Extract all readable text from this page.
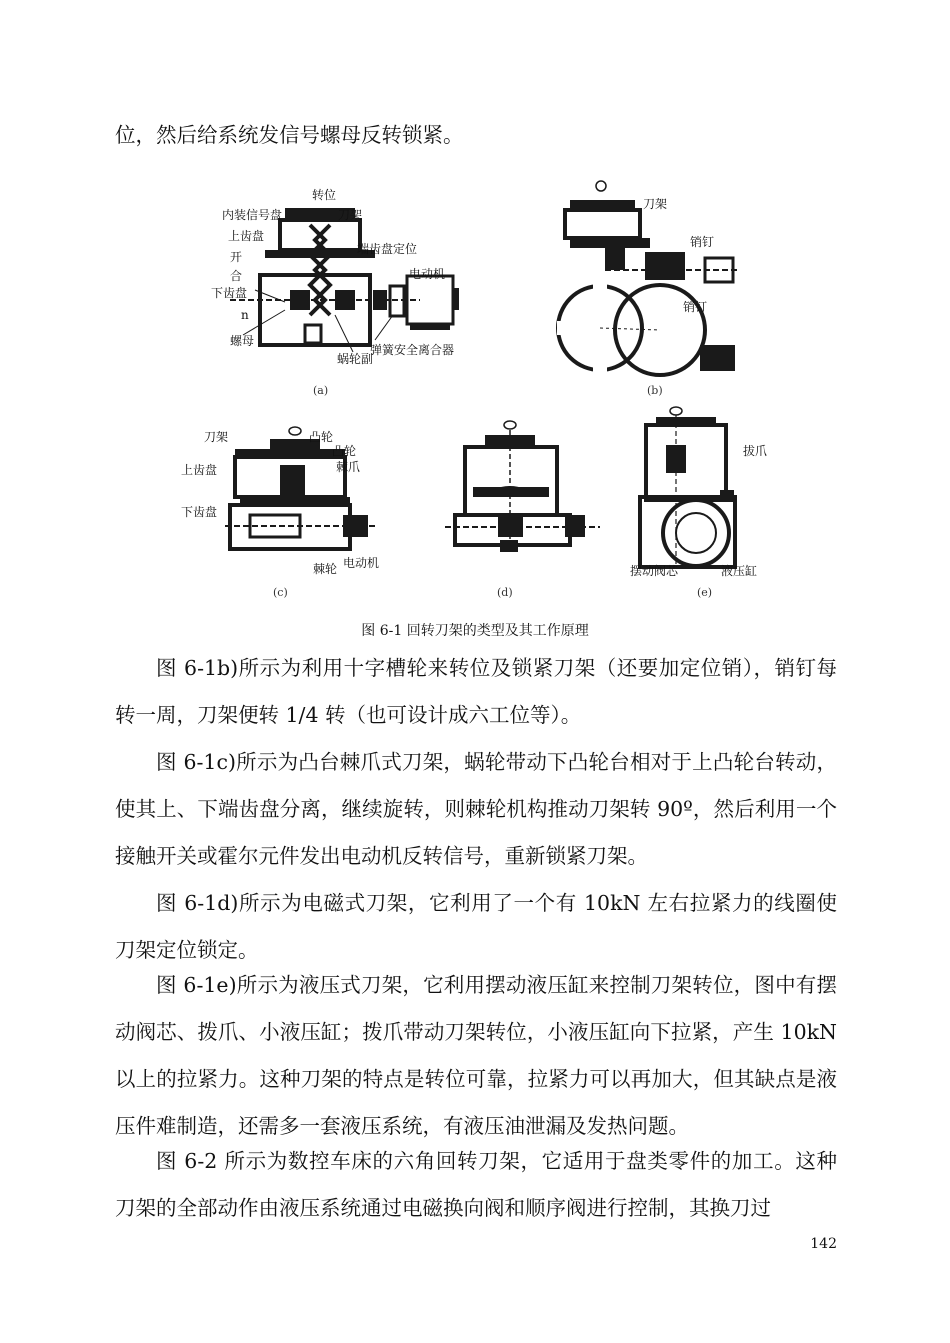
位，然后给系统发信号螺母反转锁紧。

转位
内装信号盘	刀架
上齿盘
端齿盘定位
开
合	电动机
下齿盘
n
螺母
弹簧安全离合器
蜗轮副
(a)
刀架
销钉
销钉
(b)
刀架	凸轮
凸轮
上齿盘	棘爪
下齿盘
棘轮 电动机
(c)	(d)
拔爪
摆动阀芯	液压缸
(e)
图 6-1 回转刀架的类型及其工作原理

图 6-1b)所示为利用十字槽轮来转位及锁紧刀架（还要加定位销），销钉每转一周，刀架便转 1/4 转（也可设计成六工位等）。

图 6-1c)所示为凸台棘爪式刀架，蜗轮带动下凸轮台相对于上凸轮台转动，使其上、下端齿盘分离，继续旋转，则棘轮机构推动刀架转 90º，然后利用一个接触开关或霍尔元件发出电动机反转信号，重新锁紧刀架。

图 6-1d)所示为电磁式刀架，它利用了一个有 10kN 左右拉紧力的线圈使刀架定位锁定。

图 6-1e)所示为液压式刀架，它利用摆动液压缸来控制刀架转位，图中有摆动阀芯、拨爪、小液压缸；拨爪带动刀架转位，小液压缸向下拉紧，产生 10kN 以上的拉紧力。这种刀架的特点是转位可靠，拉紧力可以再加大，但其缺点是液压件难制造，还需多一套液压系统，有液压油泄漏及发热问题。

图 6-2 所示为数控车床的六角回转刀架，它适用于盘类零件的加工。这种刀架的全部动作由液压系统通过电磁换向阀和顺序阀进行控制，其换刀过

142
